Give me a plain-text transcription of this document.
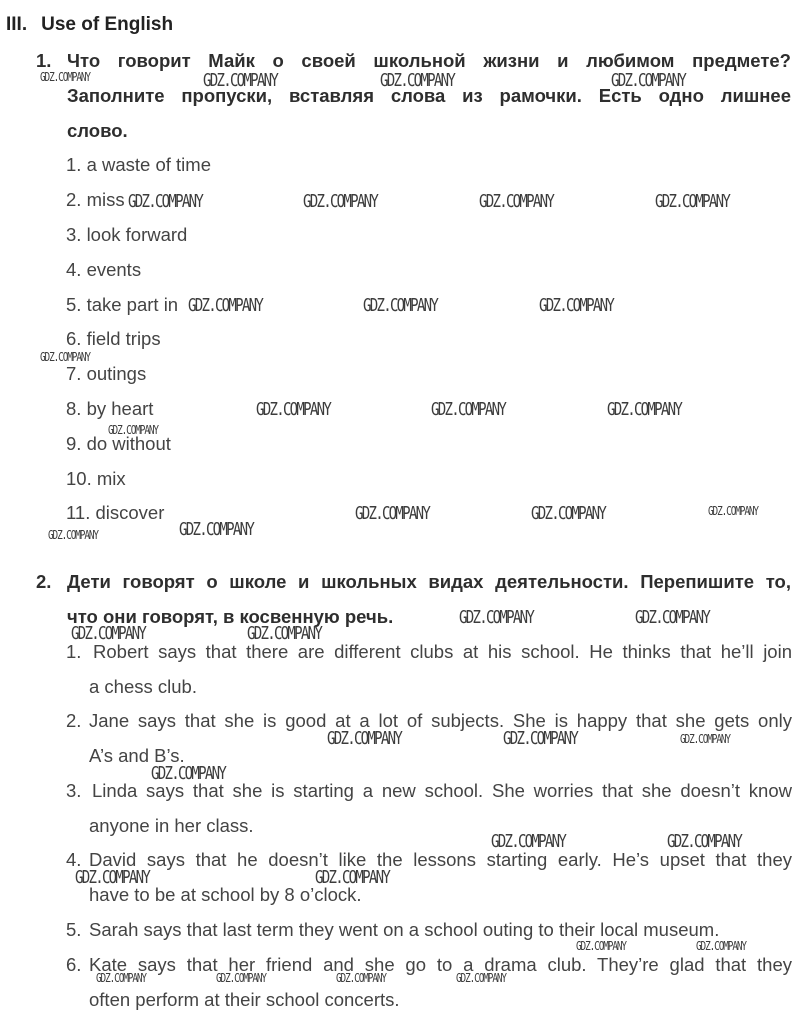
III. Use of English
1. Что говорит Майк о своей школьной жизни и любимом предмете?
Заполните пропуски, вставляя слова из рамочки. Есть одно лишнее
слово.
1. a waste of time
2. miss
3. look forward
4. events
5. take part in
6. field trips
7. outings
8. by heart
9. do without
10. mix
11. discover
2. Дети говорят о школе и школьных видах деятельности. Перепишите то,
что они говорят, в косвенную речь.
1. Robert says that there are different clubs at his school. He thinks that he’ll join
a chess club.
2. Jane says that she is good at a lot of subjects. She is happy that she gets only
A’s and B’s.
3. Linda says that she is starting a new school. She worries that she doesn’t know
anyone in her class.
4. David says that he doesn’t like the lessons starting early. He’s upset that they
have to be at school by 8 o’clock.
5. Sarah says that last term they went on a school outing to their local museum.
6. Kate says that her friend and she go to a drama club. They’re glad that they
often perform at their school concerts.
GDZ.COMPANY	GDZ.COMPANY	GDZ.COMPANY	GDZ.COMPANY
GDZ.COMPANY	GDZ.COMPANY	GDZ.COMPANY	GDZ.COMPANY
GDZ.COMPANY	GDZ.COMPANY	GDZ.COMPANY
GDZ.COMPANY
GDZ.COMPANY	GDZ.COMPANY	GDZ.COMPANY
GDZ.COMPANY
GDZ.COMPANY	GDZ.COMPANY	GDZ.COMPANY
GDZ.COMPANY	GDZ.COMPANY
GDZ.COMPANY	GDZ.COMPANY
GDZ.COMPANY	GDZ.COMPANY
GDZ.COMPANY	GDZ.COMPANY	GDZ.COMPANY
GDZ.COMPANY
GDZ.COMPANY	GDZ.COMPANY
GDZ.COMPANY	GDZ.COMPANY
GDZ.COMPANY	GDZ.COMPANY
GDZ.COMPANY	GDZ.COMPANY	GDZ.COMPANY	GDZ.COMPANY
